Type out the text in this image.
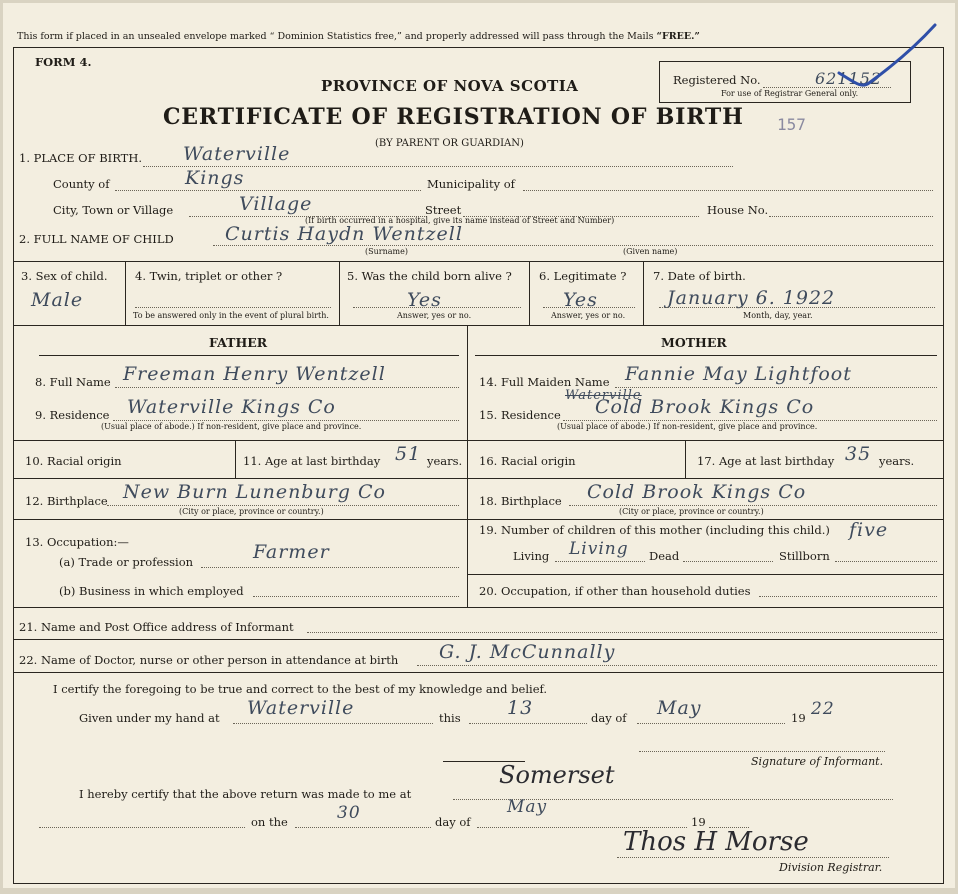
This form if placed in an unsealed envelope marked “ Dominion Statistics free,” and properly addressed will pass through the Mails “FREE.”
FORM 4.
PROVINCE OF NOVA SCOTIA
CERTIFICATE OF REGISTRATION OF BIRTH
(BY PARENT OR GUARDIAN)
157
Registered No.	621152
For use of Registrar General only.
1. PLACE OF BIRTH. Waterville
County of	Kings	Municipality of
City, Town or Village	Village	Street	House No.
(If birth occurred in a hospital, give its name instead of Street and Number)
2. FULL NAME OF CHILD	Curtis Haydn Wentzell
(Surname)	(Given name)
3. Sex of child.
Male
4. Twin, triplet or other ?
To be answered only in the event of plural birth.
5. Was the child born alive ?
Yes
Answer, yes or no.
6. Legitimate ?
Yes
Answer, yes or no.
7. Date of birth.
January 6. 1922
Month, day, year.
FATHER	MOTHER
8. Full Name Freeman Henry Wentzell
9. Residence Waterville Kings Co
(Usual place of abode.) If non-resident, give place and province.
10. Racial origin	11. Age at last birthday 51 years.
12. Birthplace New Burn Lunenburg Co
(City or place, province or country.)
13. Occupation:—
(a) Trade or profession	Farmer
(b) Business in which employed
14. Full Maiden Name Fannie May Lightfoot
15. Residence
Waterville
Cold Brook Kings Co
(Usual place of abode.) If non-resident, give place and province.
16. Racial origin	17. Age at last birthday 35 years.
18. Birthplace Cold Brook Kings Co
(City or place, province or country.)
19. Number of children of this mother (including this child.) five
Living Living Dead	Stillborn
20. Occupation, if other than household duties
21. Name and Post Office address of Informant
22. Name of Doctor, nurse or other person in attendance at birth G. J. McCunnally
I certify the foregoing to be true and correct to the best of my knowledge and belief.
Given under my hand at Waterville	this 13	day of May	19 22
Signature of Informant.
I hereby certify that the above return was made to me at
Somerset
on the	30	day of
May
19
Thos H Morse
Division Registrar.
